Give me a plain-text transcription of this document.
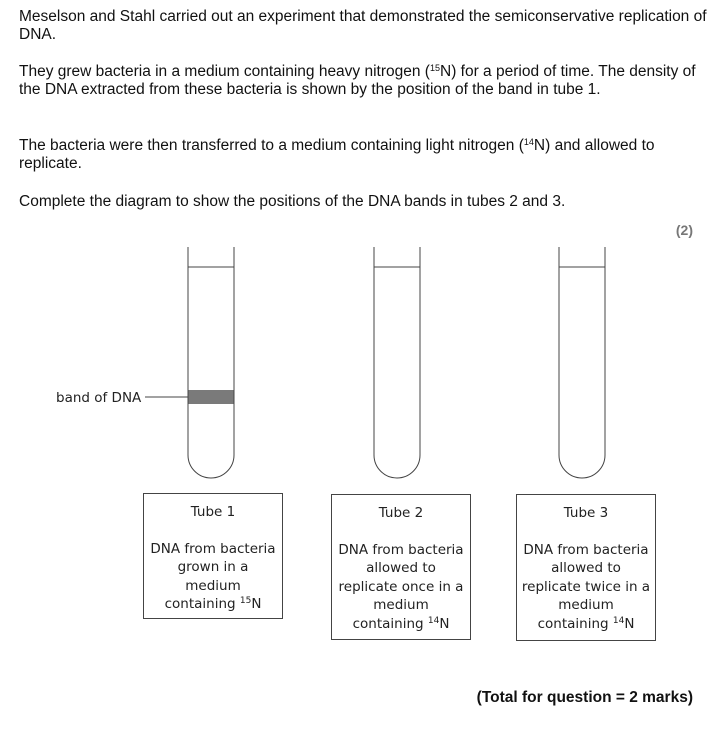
Meselson and Stahl carried out an experiment that demonstrated the semiconservative replication of DNA.

They grew bacteria in a medium containing heavy nitrogen ($^{15}$N) for a period of time. The density of the DNA extracted from these bacteria is shown by the position of the band in tube 1.

The bacteria were then transferred to a medium containing light nitrogen ($^{14}$N) and allowed to replicate.

Complete the diagram to show the positions of the DNA bands in tubes 2 and 3.

(2)
band of DNA
Tube 1
DNA from bacteria grown in a medium containing $^{15}$N
Tube 2
DNA from bacteria allowed to replicate once in a medium containing $^{14}$N
Tube 3
DNA from bacteria allowed to replicate twice in a medium containing $^{14}$N
(Total for question = 2 marks)
